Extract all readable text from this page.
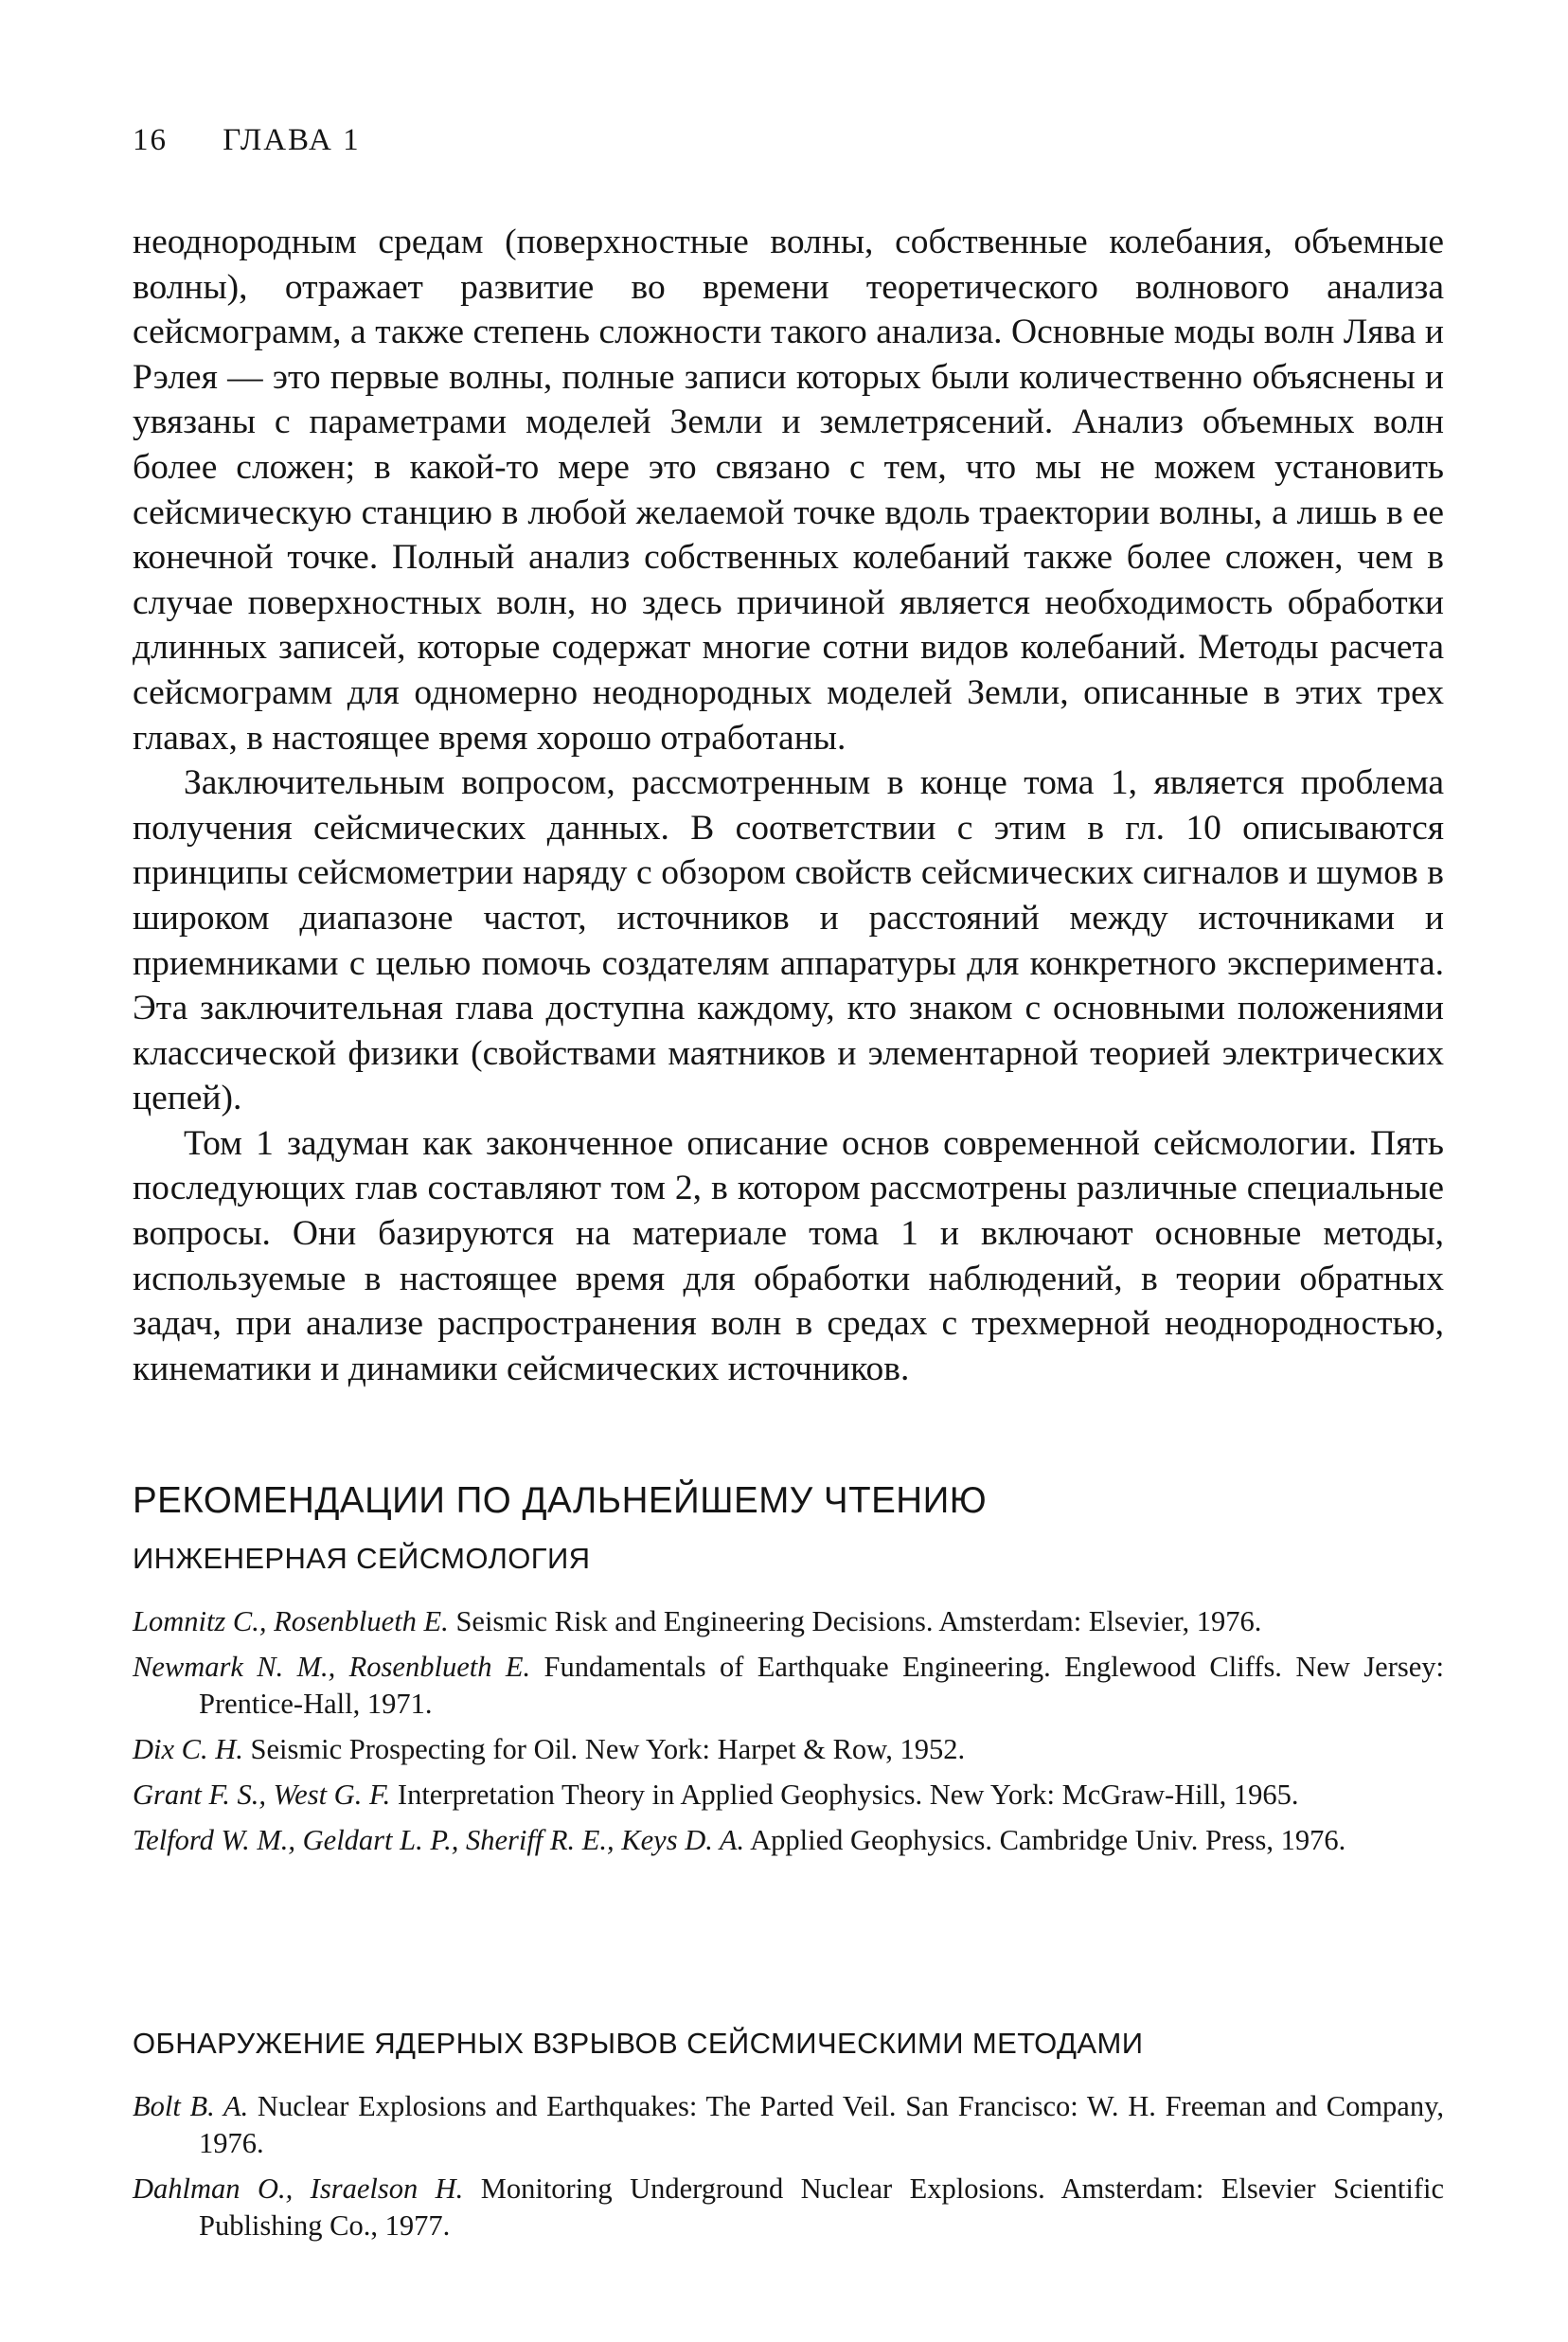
16 ГЛАВА 1

неоднородным средам (поверхностные волны, собственные колебания, объемные волны), отражает развитие во времени теоретического волнового анализа сейсмограмм, а также степень сложности такого анализа. Основные моды волн Лява и Рэлея — это первые волны, полные записи которых были количественно объяснены и увязаны с параметрами моделей Земли и землетрясений. Анализ объемных волн более сложен; в какой-то мере это связано с тем, что мы не можем установить сейсмическую станцию в любой желаемой точке вдоль траектории волны, а лишь в ее конечной точке. Полный анализ собственных колебаний также более сложен, чем в случае поверхностных волн, но здесь причиной является необходимость обработки длинных записей, которые содержат многие сотни видов колебаний. Методы расчета сейсмограмм для одномерно неоднородных моделей Земли, описанные в этих трех главах, в настоящее время хорошо отработаны.

Заключительным вопросом, рассмотренным в конце тома 1, является проблема получения сейсмических данных. В соответствии с этим в гл. 10 описываются принципы сейсмометрии наряду с обзором свойств сейсмических сигналов и шумов в широком диапазоне частот, источников и расстояний между источниками и приемниками с целью помочь создателям аппаратуры для конкретного эксперимента. Эта заключительная глава доступна каждому, кто знаком с основными положениями классической физики (свойствами маятников и элементарной теорией электрических цепей).

Том 1 задуман как законченное описание основ современной сейсмологии. Пять последующих глав составляют том 2, в котором рассмотрены различные специальные вопросы. Они базируются на материале тома 1 и включают основные методы, используемые в настоящее время для обработки наблюдений, в теории обратных задач, при анализе распространения волн в средах с трехмерной неоднородностью, кинематики и динамики сейсмических источников.

РЕКОМЕНДАЦИИ ПО ДАЛЬНЕЙШЕМУ ЧТЕНИЮ
ИНЖЕНЕРНАЯ СЕЙСМОЛОГИЯ
Lomnitz C., Rosenblueth E. Seismic Risk and Engineering Decisions. Amsterdam: Elsevier, 1976.
Newmark N. M., Rosenblueth E. Fundamentals of Earthquake Engineering. Englewood Cliffs. New Jersey: Prentice-Hall, 1971.
Dix C. H. Seismic Prospecting for Oil. New York: Harpet & Row, 1952.
Grant F. S., West G. F. Interpretation Theory in Applied Geophysics. New York: McGraw-Hill, 1965.
Telford W. M., Geldart L. P., Sheriff R. E., Keys D. A. Applied Geophysics. Cambridge Univ. Press, 1976.
ОБНАРУЖЕНИЕ ЯДЕРНЫХ ВЗРЫВОВ СЕЙСМИЧЕСКИМИ МЕТОДАМИ
Bolt B. A. Nuclear Explosions and Earthquakes: The Parted Veil. San Francisco: W. H. Freeman and Company, 1976.
Dahlman O., Israelson H. Monitoring Underground Nuclear Explosions. Amsterdam: Elsevier Scientific Publishing Co., 1977.
